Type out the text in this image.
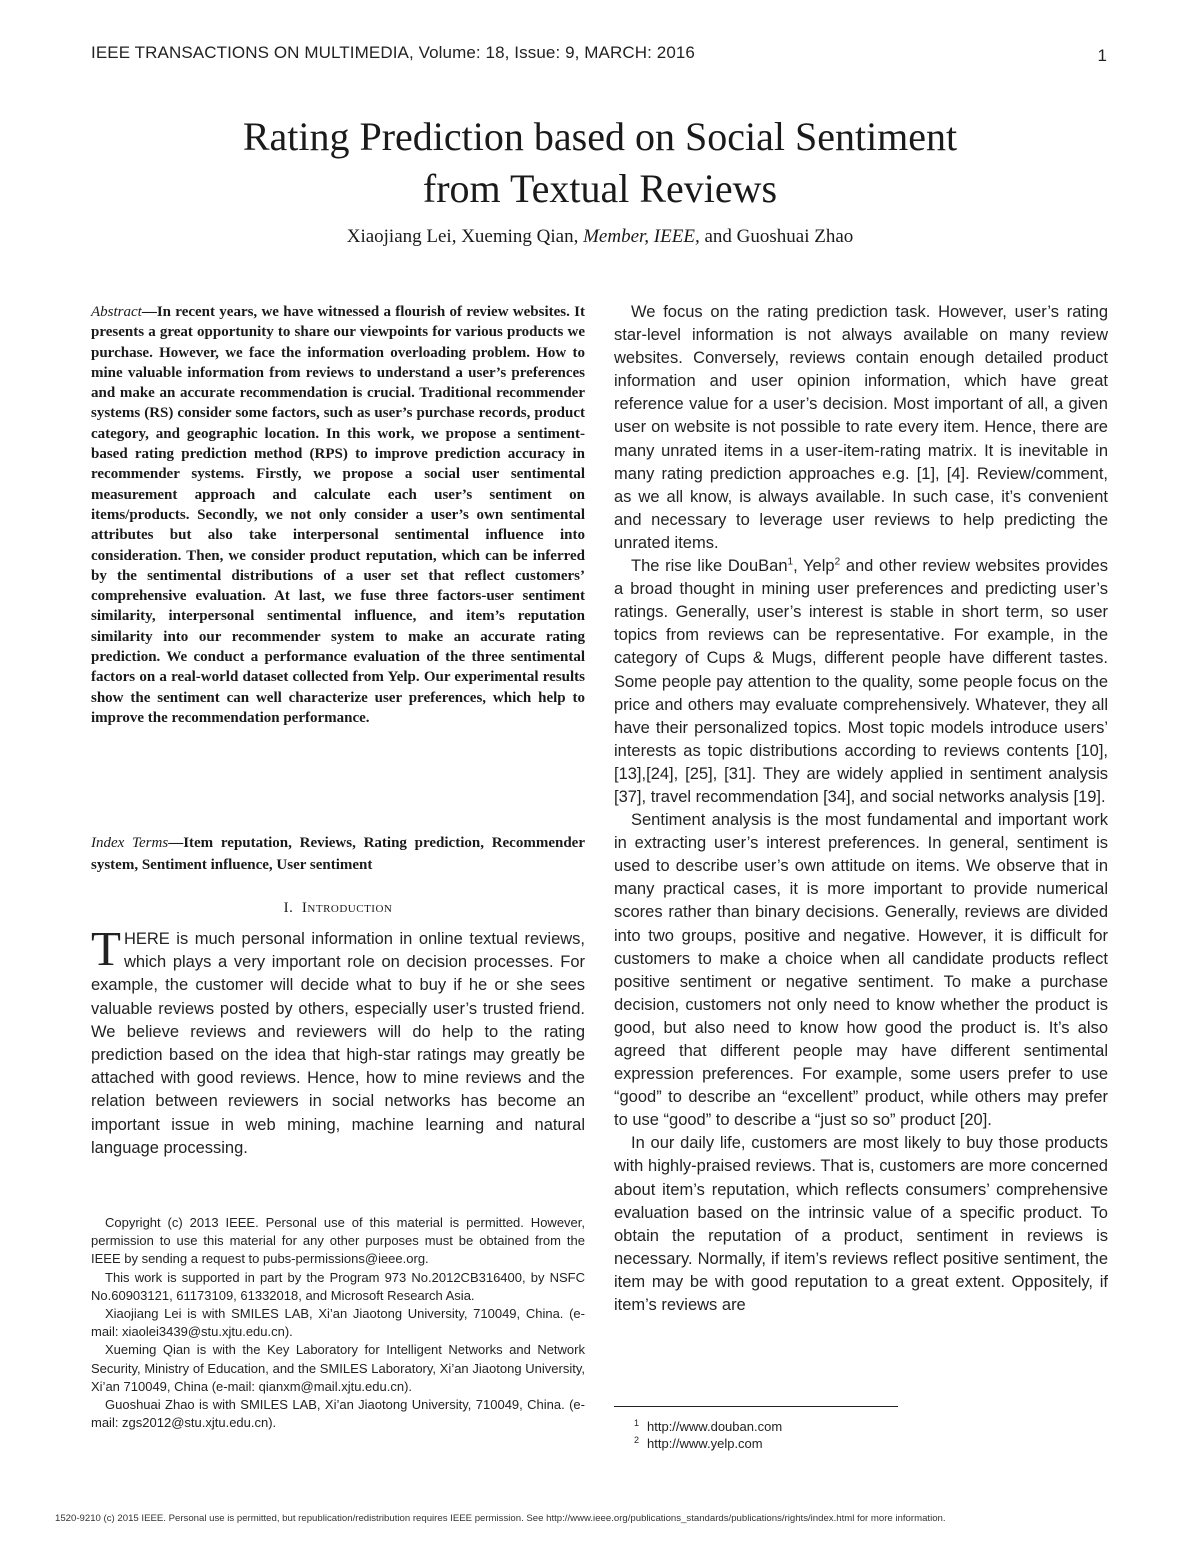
IEEE TRANSACTIONS ON MULTIMEDIA, Volume: 18, Issue: 9, MARCH: 2016	1
Rating Prediction based on Social Sentiment
from Textual Reviews
Xiaojiang Lei, Xueming Qian, Member, IEEE, and Guoshuai Zhao
Abstract—In recent years, we have witnessed a flourish of review websites. It presents a great opportunity to share our viewpoints for various products we purchase. However, we face the information overloading problem. How to mine valuable information from reviews to understand a user’s preferences and make an accurate recommendation is crucial. Traditional recommender systems (RS) consider some factors, such as user’s purchase records, product category, and geographic location. In this work, we propose a sentiment-based rating prediction method (RPS) to improve prediction accuracy in recommender systems. Firstly, we propose a social user sentimental measurement approach and calculate each user’s sentiment on items/products. Secondly, we not only consider a user’s own sentimental attributes but also take interpersonal sentimental influence into consideration. Then, we consider product reputation, which can be inferred by the sentimental distributions of a user set that reflect customers’ comprehensive evaluation. At last, we fuse three factors-user sentiment similarity, interpersonal sentimental influence, and item’s reputation similarity into our recommender system to make an accurate rating prediction. We conduct a performance evaluation of the three sentimental factors on a real-world dataset collected from Yelp. Our experimental results show the sentiment can well characterize user preferences, which help to improve the recommendation performance.
Index Terms—Item reputation, Reviews, Rating prediction, Recommender system, Sentiment influence, User sentiment
I. Introduction
THERE is much personal information in online textual reviews, which plays a very important role on decision processes. For example, the customer will decide what to buy if he or she sees valuable reviews posted by others, especially user’s trusted friend. We believe reviews and reviewers will do help to the rating prediction based on the idea that high-star ratings may greatly be attached with good reviews. Hence, how to mine reviews and the relation between reviewers in social networks has become an important issue in web mining, machine learning and natural language processing.

Copyright (c) 2013 IEEE. Personal use of this material is permitted. However, permission to use this material for any other purposes must be obtained from the IEEE by sending a request to pubs-permissions@ieee.org.

This work is supported in part by the Program 973 No.2012CB316400, by NSFC No.60903121, 61173109, 61332018, and Microsoft Research Asia.

Xiaojiang Lei is with SMILES LAB, Xi’an Jiaotong University, 710049, China. (e-mail: xiaolei3439@stu.xjtu.edu.cn).

Xueming Qian is with the Key Laboratory for Intelligent Networks and Network Security, Ministry of Education, and the SMILES Laboratory, Xi’an Jiaotong University, Xi’an 710049, China (e-mail: qianxm@mail.xjtu.edu.cn).

Guoshuai Zhao is with SMILES LAB, Xi’an Jiaotong University, 710049, China. (e-mail: zgs2012@stu.xjtu.edu.cn).

We focus on the rating prediction task. However, user’s rating star-level information is not always available on many review websites. Conversely, reviews contain enough detailed product information and user opinion information, which have great reference value for a user’s decision. Most important of all, a given user on website is not possible to rate every item. Hence, there are many unrated items in a user-item-rating matrix. It is inevitable in many rating prediction approaches e.g. [1], [4]. Review/comment, as we all know, is always available. In such case, it’s convenient and necessary to leverage user reviews to help predicting the unrated items.

The rise like DouBan$^1$, Yelp$^2$ and other review websites provides a broad thought in mining user preferences and predicting user’s ratings. Generally, user’s interest is stable in short term, so user topics from reviews can be representative. For example, in the category of Cups & Mugs, different people have different tastes. Some people pay attention to the quality, some people focus on the price and others may evaluate comprehensively. Whatever, they all have their personalized topics. Most topic models introduce users’ interests as topic distributions according to reviews contents [10],[13],[24], [25], [31]. They are widely applied in sentiment analysis [37], travel recommendation [34], and social networks analysis [19].

Sentiment analysis is the most fundamental and important work in extracting user’s interest preferences. In general, sentiment is used to describe user’s own attitude on items. We observe that in many practical cases, it is more important to provide numerical scores rather than binary decisions. Generally, reviews are divided into two groups, positive and negative. However, it is difficult for customers to make a choice when all candidate products reflect positive sentiment or negative sentiment. To make a purchase decision, customers not only need to know whether the product is good, but also need to know how good the product is. It’s also agreed that different people may have different sentimental expression preferences. For example, some users prefer to use “good” to describe an “excellent” product, while others may prefer to use “good” to describe a “just so so” product [20].

In our daily life, customers are most likely to buy those products with highly-praised reviews. That is, customers are more concerned about item’s reputation, which reflects consumers’ comprehensive evaluation based on the intrinsic value of a specific product. To obtain the reputation of a product, sentiment in reviews is necessary. Normally, if item’s reviews reflect positive sentiment, the item may be with good reputation to a great extent. Oppositely, if item’s reviews are

$^1$ http://www.douban.com
$^2$ http://www.yelp.com
1520-9210 (c) 2015 IEEE. Personal use is permitted, but republication/redistribution requires IEEE permission. See http://www.ieee.org/publications_standards/publications/rights/index.html for more information.
